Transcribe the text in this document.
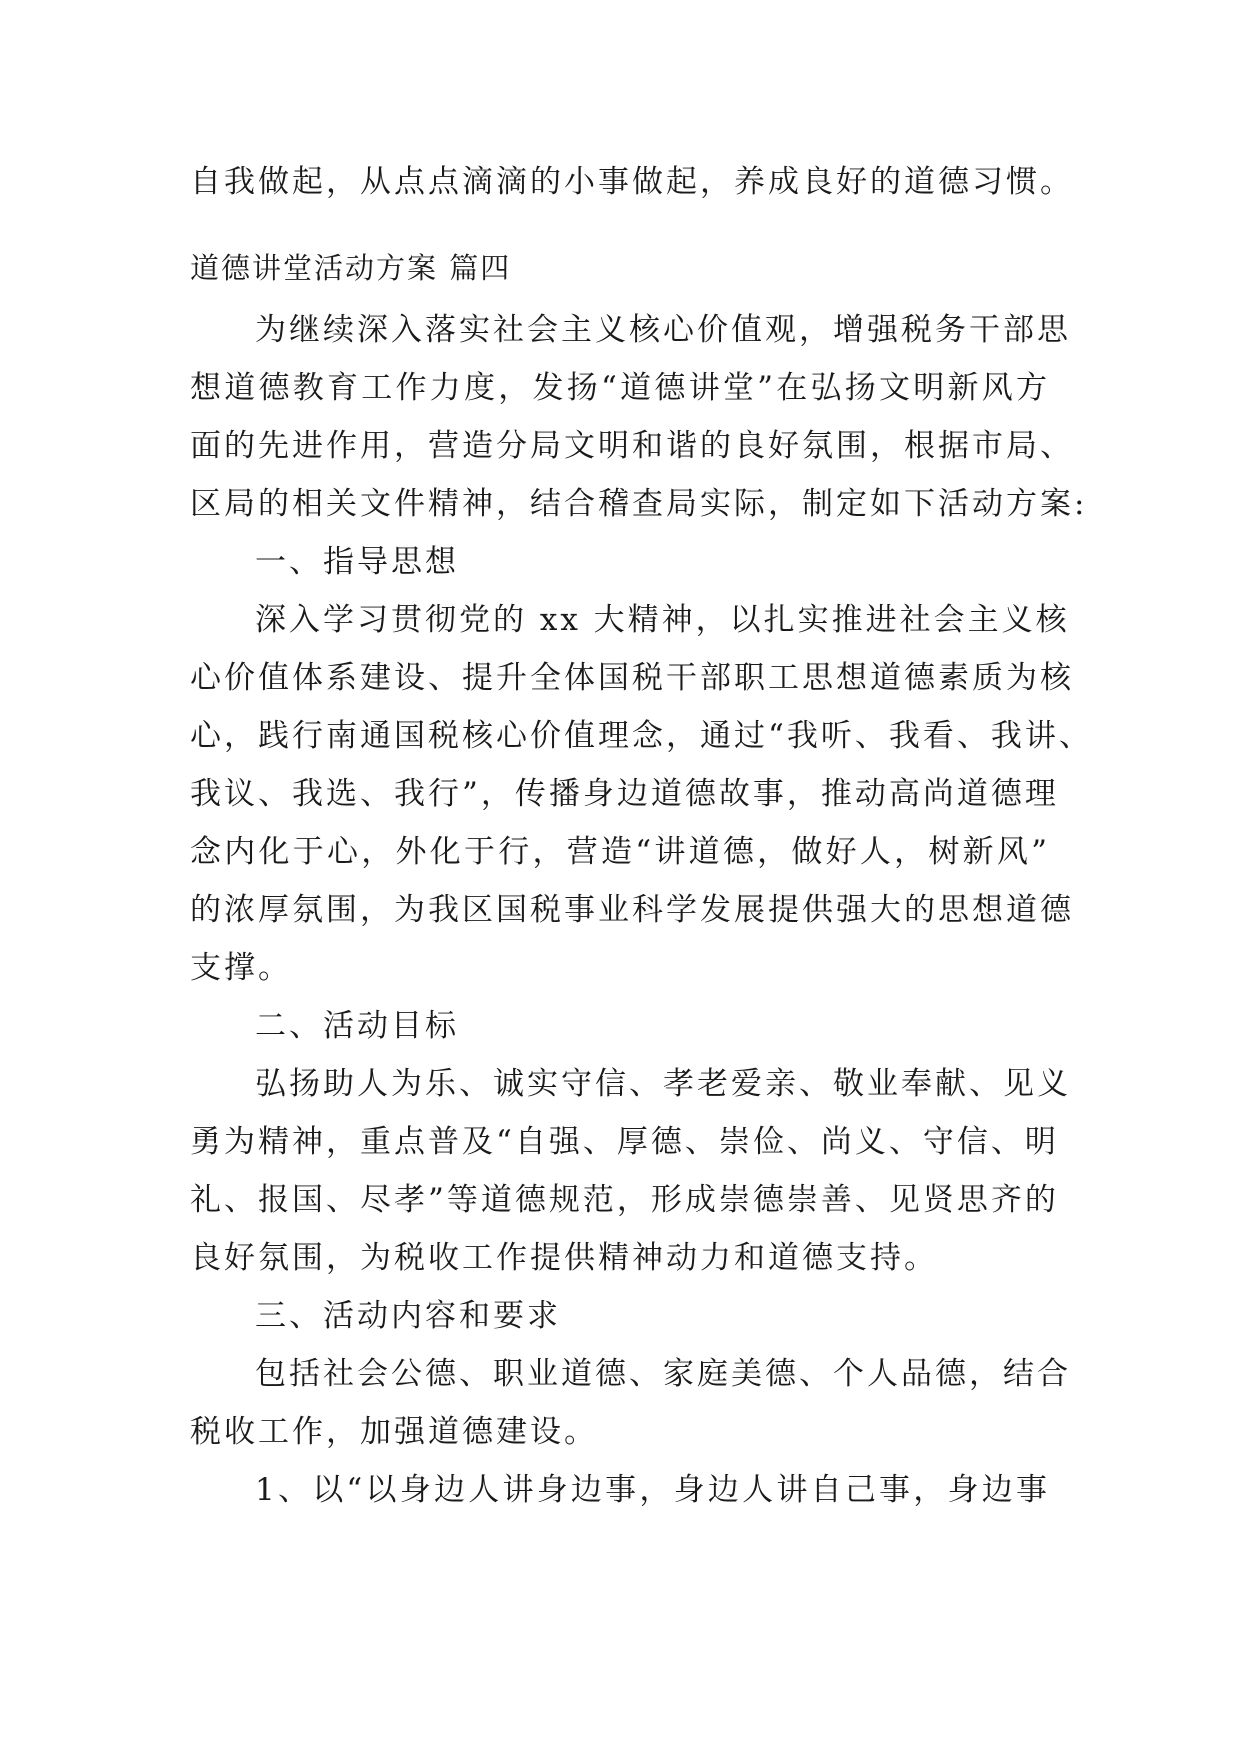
自我做起，从点点滴滴的小事做起，养成良好的道德习惯。
道德讲堂活动方案 篇四
为继续深入落实社会主义核心价值观，增强税务干部思
想道德教育工作力度，发扬“道德讲堂”在弘扬文明新风方
面的先进作用，营造分局文明和谐的良好氛围，根据市局、
区局的相关文件精神，结合稽查局实际，制定如下活动方案:
一、指导思想
深入学习贯彻党的 xx 大精神，以扎实推进社会主义核
心价值体系建设、提升全体国税干部职工思想道德素质为核
心，践行南通国税核心价值理念，通过“我听、我看、我讲、
我议、我选、我行”，传播身边道德故事，推动高尚道德理
念内化于心，外化于行，营造“讲道德，做好人，树新风”
的浓厚氛围，为我区国税事业科学发展提供强大的思想道德
支撑。
二、活动目标
弘扬助人为乐、诚实守信、孝老爱亲、敬业奉献、见义
勇为精神，重点普及“自强、厚德、崇俭、尚义、守信、明
礼、报国、尽孝”等道德规范，形成崇德崇善、见贤思齐的
良好氛围，为税收工作提供精神动力和道德支持。
三、活动内容和要求
包括社会公德、职业道德、家庭美德、个人品德，结合
税收工作，加强道德建设。
1、以“以身边人讲身边事，身边人讲自己事，身边事
